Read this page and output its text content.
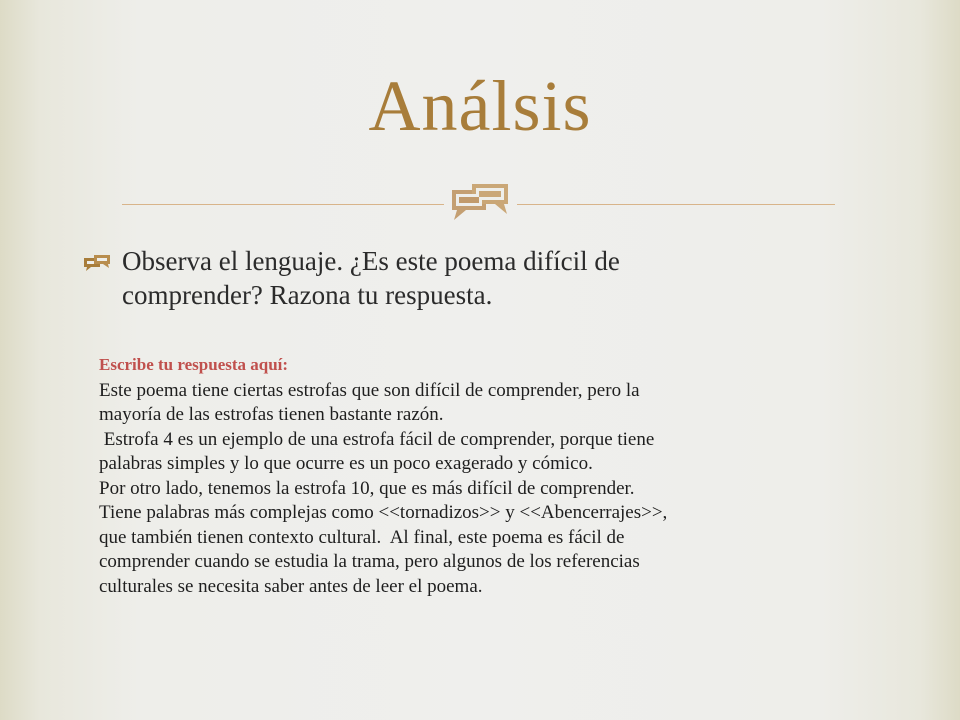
Análsis
Observa el lenguaje. ¿Es este poema difícil de
comprender? Razona tu respuesta.
Escribe tu respuesta aquí:
Este poema tiene ciertas estrofas que son difícil de comprender, pero la
mayoría de las estrofas tienen bastante razón.
Estrofa 4 es un ejemplo de una estrofa fácil de comprender, porque tiene
palabras simples y lo que ocurre es un poco exagerado y cómico.
Por otro lado, tenemos la estrofa 10, que es más difícil de comprender.
Tiene palabras más complejas como <<tornadizos>> y <<Abencerrajes>>,
que también tienen contexto cultural.  Al final, este poema es fácil de
comprender cuando se estudia la trama, pero algunos de los referencias
culturales se necesita saber antes de leer el poema.
